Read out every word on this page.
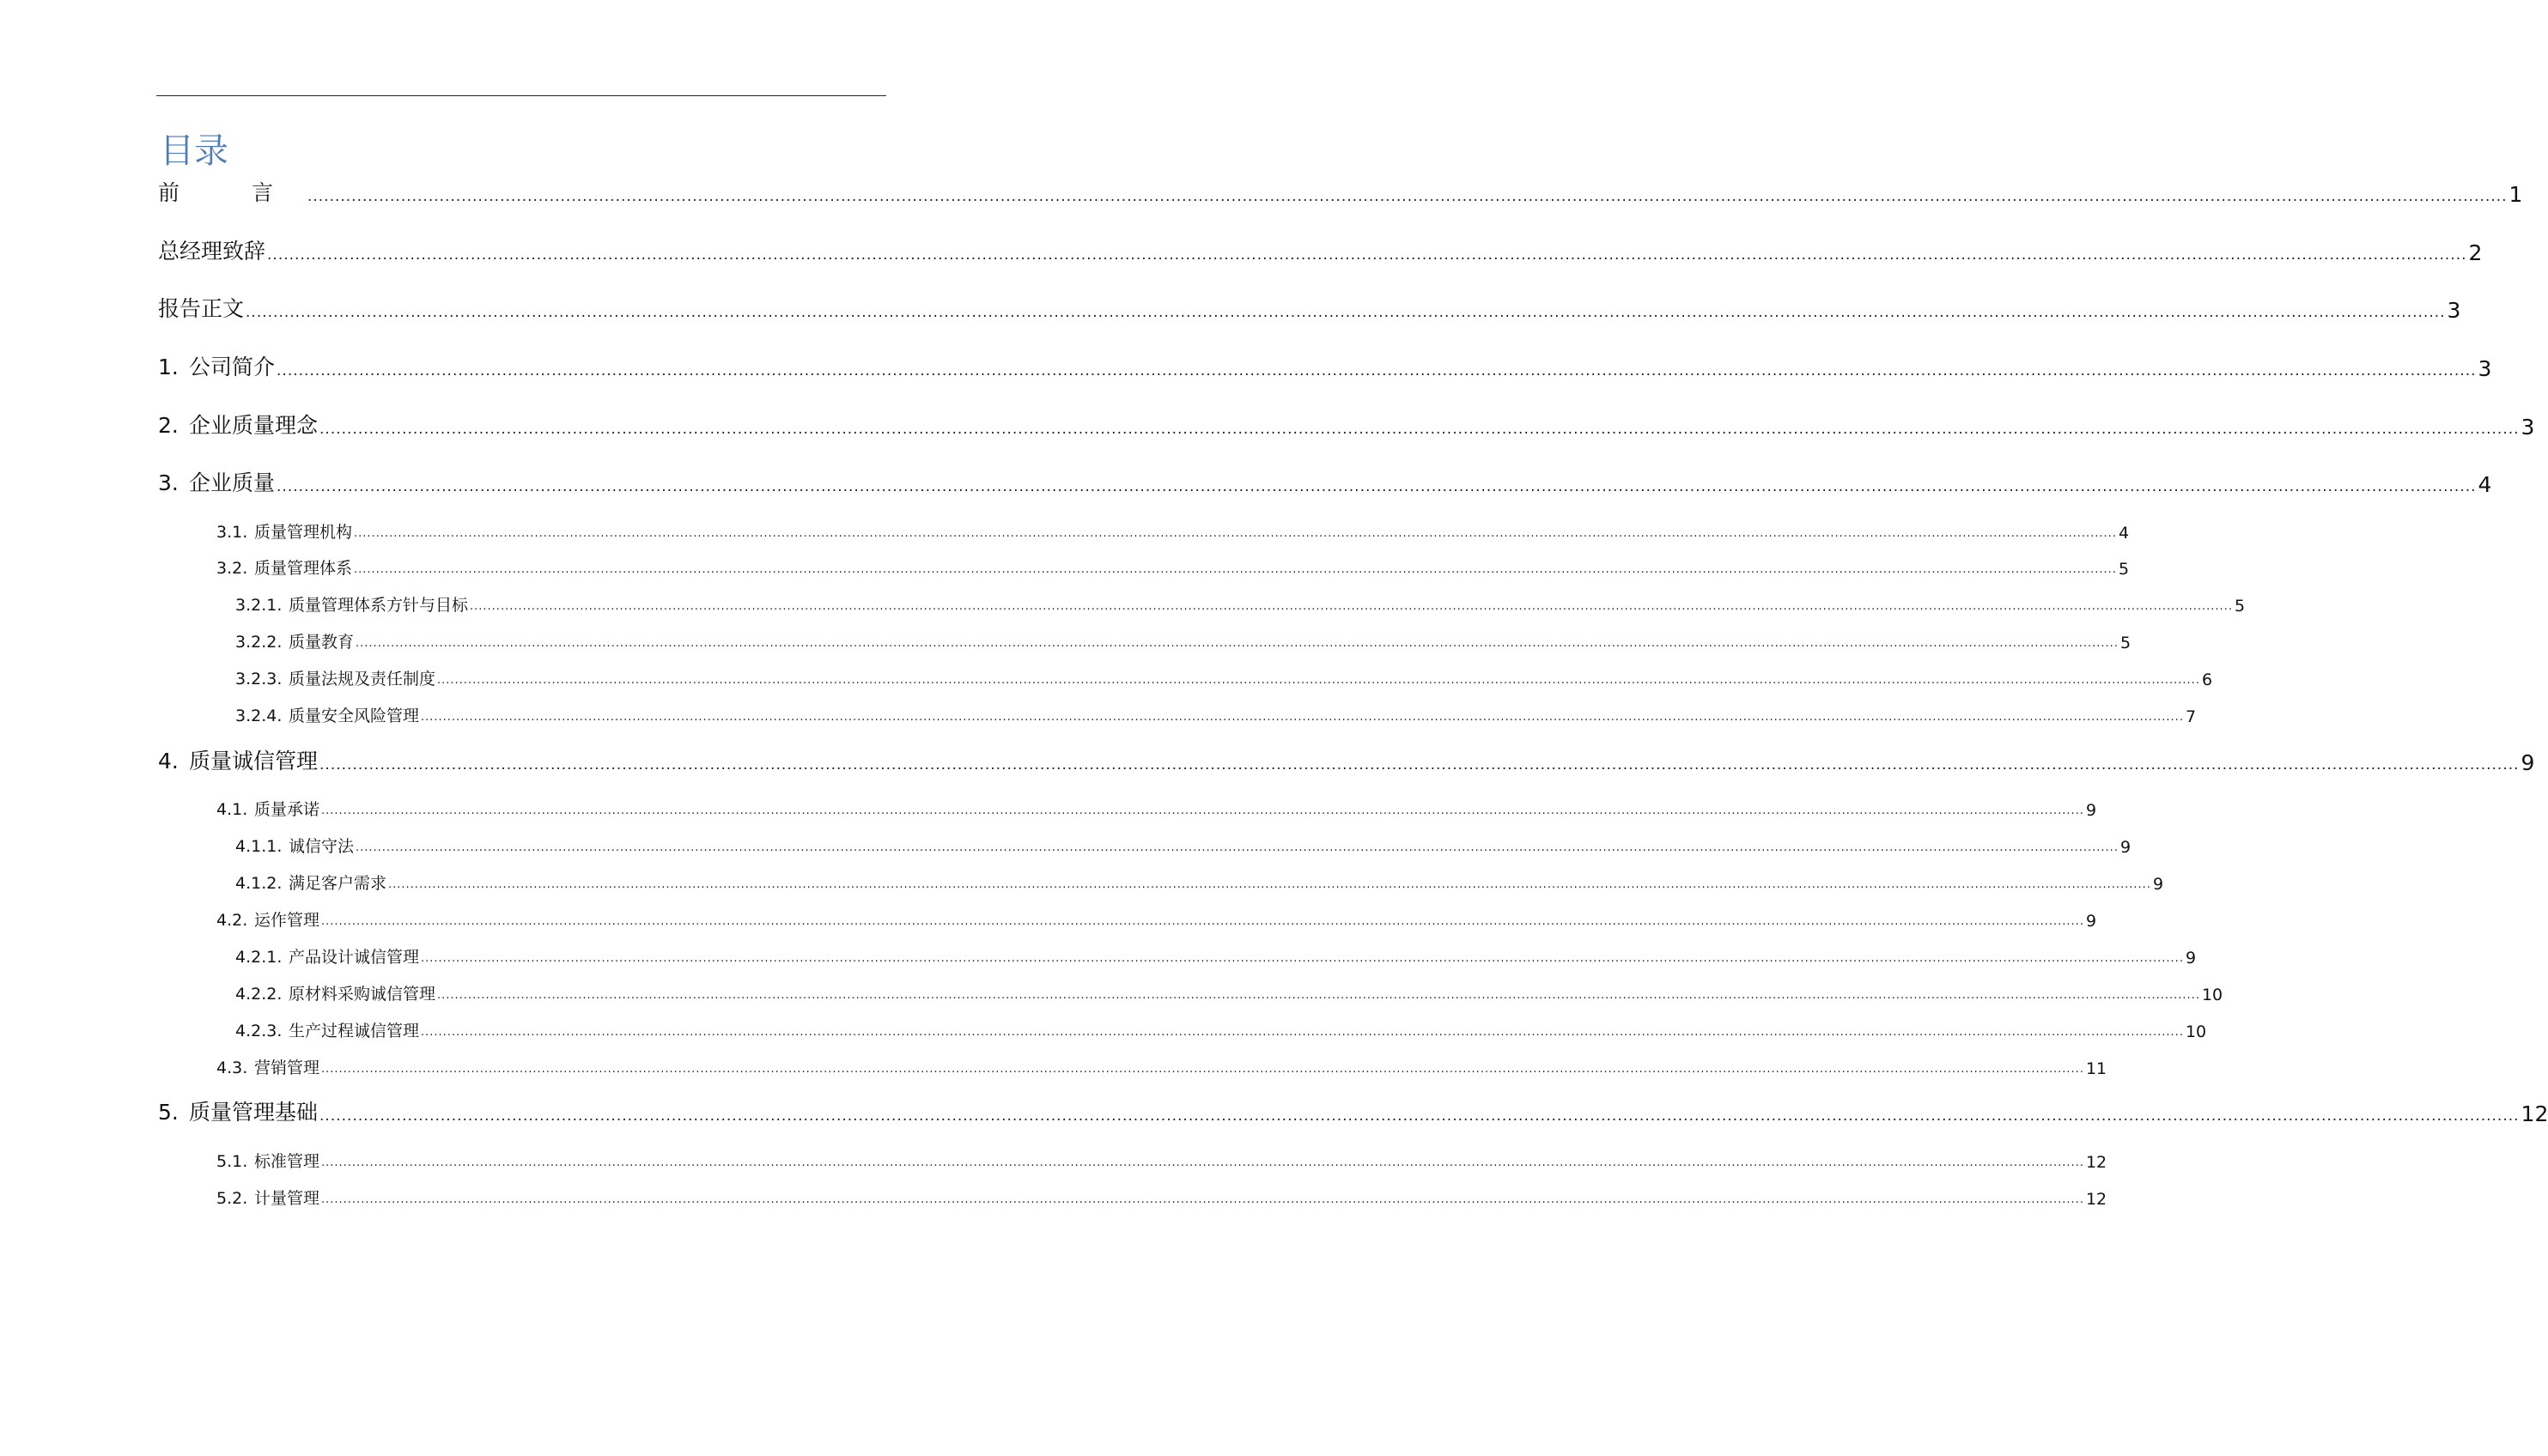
目录
前 言 ................................................................................................................................................................................................................................................................................................................................................................................................................ 1
总经理致辞 ................................................................................................................................................................................................................................................................................................................................................................................................................ 2
报告正文 ................................................................................................................................................................................................................................................................................................................................................................................................................ 3
1. 公司简介 ................................................................................................................................................................................................................................................................................................................................................................................................................ 3
2. 企业质量理念 ................................................................................................................................................................................................................................................................................................................................................................................................................ 3
3. 企业质量 ................................................................................................................................................................................................................................................................................................................................................................................................................ 4
3.1. 质量管理机构 ................................................................................................................................................................................................................................................................................................................................................................................................................ 4
3.2. 质量管理体系 ................................................................................................................................................................................................................................................................................................................................................................................................................ 5
3.2.1. 质量管理体系方针与目标 ................................................................................................................................................................................................................................................................................................................................................................................................................ 5
3.2.2. 质量教育 ................................................................................................................................................................................................................................................................................................................................................................................................................ 5
3.2.3. 质量法规及责任制度 ................................................................................................................................................................................................................................................................................................................................................................................................................ 6
3.2.4. 质量安全风险管理 ................................................................................................................................................................................................................................................................................................................................................................................................................ 7
4. 质量诚信管理 ................................................................................................................................................................................................................................................................................................................................................................................................................ 9
4.1. 质量承诺 ................................................................................................................................................................................................................................................................................................................................................................................................................ 9
4.1.1. 诚信守法 ................................................................................................................................................................................................................................................................................................................................................................................................................ 9
4.1.2. 满足客户需求 ................................................................................................................................................................................................................................................................................................................................................................................................................ 9
4.2. 运作管理 ................................................................................................................................................................................................................................................................................................................................................................................................................ 9
4.2.1. 产品设计诚信管理 ................................................................................................................................................................................................................................................................................................................................................................................................................ 9
4.2.2. 原材料采购诚信管理 ................................................................................................................................................................................................................................................................................................................................................................................................................ 10
4.2.3. 生产过程诚信管理 ................................................................................................................................................................................................................................................................................................................................................................................................................ 10
4.3. 营销管理 ................................................................................................................................................................................................................................................................................................................................................................................................................ 11
5. 质量管理基础 ................................................................................................................................................................................................................................................................................................................................................................................................................ 12
5.1. 标准管理 ................................................................................................................................................................................................................................................................................................................................................................................................................ 12
5.2. 计量管理 ................................................................................................................................................................................................................................................................................................................................................................................................................ 12
